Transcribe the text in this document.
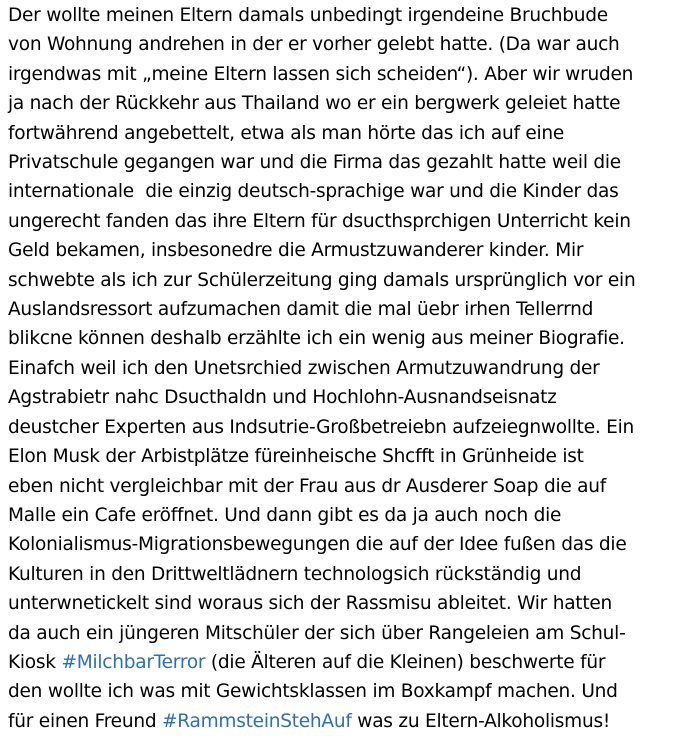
Der wollte meinen Eltern damals unbedingt irgendeine Bruchbude
von Wohnung andrehen in der er vorher gelebt hatte. (Da war auch
irgendwas mit „meine Eltern lassen sich scheiden“). Aber wir wruden
ja nach der Rückkehr aus Thailand wo er ein bergwerk geleiet hatte
fortwährend angebettelt, etwa als man hörte das ich auf eine
Privatschule gegangen war und die Firma das gezahlt hatte weil die
internationale  die einzig deutsch-sprachige war und die Kinder das
ungerecht fanden das ihre Eltern für dsucthsprchigen Unterricht kein
Geld bekamen, insbesonedre die Armustzuwanderer kinder. Mir
schwebte als ich zur Schülerzeitung ging damals ursprünglich vor ein
Auslandsressort aufzumachen damit die mal üebr irhen Tellerrnd
blikcne können deshalb erzählte ich ein wenig aus meiner Biografie.
Einafch weil ich den Unetsrchied zwischen Armutzuwandrung der
Agstrabietr nahc Dsucthaldn und Hochlohn-Ausnandseisnatz
deustcher Experten aus Indsutrie-Großbetreiebn aufzeiegnwollte. Ein
Elon Musk der Arbistplätze füreinheische Shcfft in Grünheide ist
eben nicht vergleichbar mit der Frau aus dr Ausderer Soap die auf
Malle ein Cafe eröffnet. Und dann gibt es da ja auch noch die
Kolonialismus-Migrationsbewegungen die auf der Idee fußen das die
Kulturen in den Drittweltlädnern technologsich rückständig und
unterwnetickelt sind woraus sich der Rassmisu ableitet. Wir hatten
da auch ein jüngeren Mitschüler der sich über Rangeleien am Schul-
Kiosk #MilchbarTerror (die Älteren auf die Kleinen) beschwerte für
den wollte ich was mit Gewichtsklassen im Boxkampf machen. Und
für einen Freund #RammsteinStehAuf was zu Eltern-Alkoholismus!
